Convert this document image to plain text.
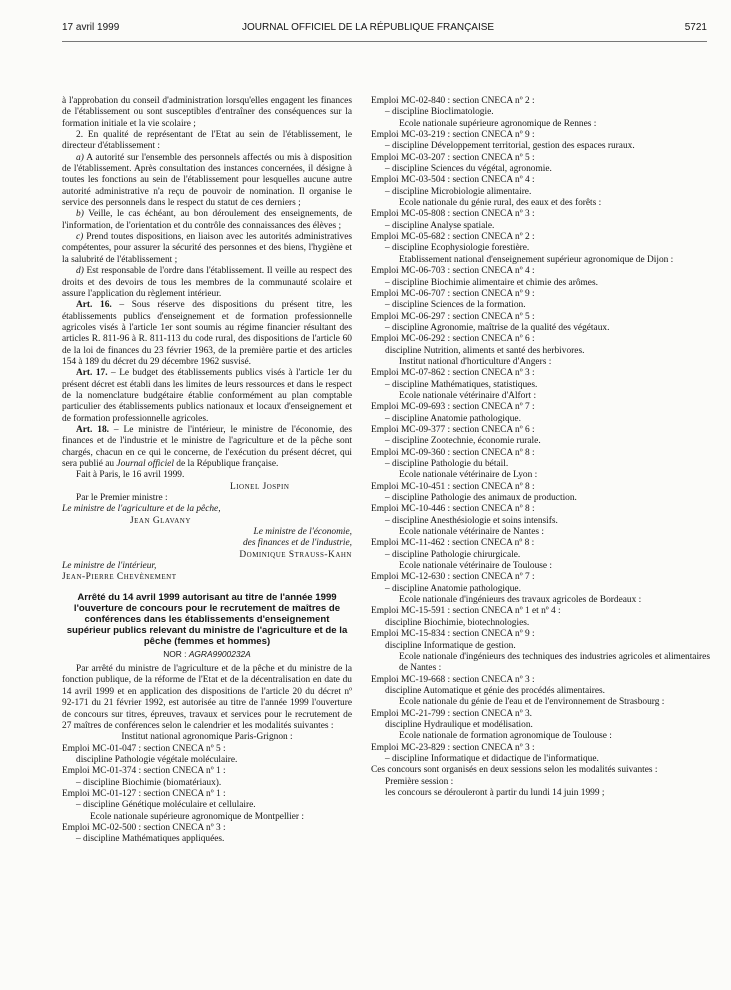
17 avril 1999	JOURNAL OFFICIEL DE LA RÉPUBLIQUE FRANÇAISE	5721

à l'approbation du conseil d'administration lorsqu'elles engagent les finances de l'établissement ou sont susceptibles d'entraîner des conséquences sur la formation initiale et la vie scolaire ;

2. En qualité de représentant de l'Etat au sein de l'établissement, le directeur d'établissement :

a) A autorité sur l'ensemble des personnels affectés ou mis à disposition de l'établissement. Après consultation des instances concernées, il désigne à toutes les fonctions au sein de l'établissement pour lesquelles aucune autre autorité administrative n'a reçu de pouvoir de nomination. Il organise le service des personnels dans le respect du statut de ces derniers ;

b) Veille, le cas échéant, au bon déroulement des enseignements, de l'information, de l'orientation et du contrôle des connaissances des élèves ;

c) Prend toutes dispositions, en liaison avec les autorités administratives compétentes, pour assurer la sécurité des personnes et des biens, l'hygiène et la salubrité de l'établissement ;

d) Est responsable de l'ordre dans l'établissement. Il veille au respect des droits et des devoirs de tous les membres de la communauté scolaire et assure l'application du règlement intérieur.

Art. 16. – Sous réserve des dispositions du présent titre, les établissements publics d'enseignement et de formation professionnelle agricoles visés à l'article 1er sont soumis au régime financier résultant des articles R. 811-96 à R. 811-113 du code rural, des dispositions de l'article 60 de la loi de finances du 23 février 1963, de la première partie et des articles 154 à 189 du décret du 29 décembre 1962 susvisé.

Art. 17. – Le budget des établissements publics visés à l'article 1er du présent décret est établi dans les limites de leurs ressources et dans le respect de la nomenclature budgétaire établie conformément au plan comptable particulier des établissements publics nationaux et locaux d'enseignement et de formation professionnelle agricoles.

Art. 18. – Le ministre de l'intérieur, le ministre de l'économie, des finances et de l'industrie et le ministre de l'agriculture et de la pêche sont chargés, chacun en ce qui le concerne, de l'exécution du présent décret, qui sera publié au Journal officiel de la République française.

Fait à Paris, le 16 avril 1999.

Lionel Jospin

Par le Premier ministre :

Le ministre de l'agriculture et de la pêche,

Jean Glavany

Le ministre de l'économie,

des finances et de l'industrie,

Dominique Strauss-Kahn

Le ministre de l'intérieur,

Jean-Pierre Chevènement

Arrêté du 14 avril 1999 autorisant au titre de l'année 1999 l'ouverture de concours pour le recrutement de maîtres de conférences dans les établissements d'enseignement supérieur publics relevant du ministre de l'agriculture et de la pêche (femmes et hommes)

NOR : AGRA9900232A

Par arrêté du ministre de l'agriculture et de la pêche et du ministre de la fonction publique, de la réforme de l'Etat et de la décentralisation en date du 14 avril 1999 et en application des dispositions de l'article 20 du décret nº 92-171 du 21 février 1992, est autorisée au titre de l'année 1999 l'ouverture de concours sur titres, épreuves, travaux et services pour le recrutement de 27 maîtres de conférences selon le calendrier et les modalités suivantes :

Institut national agronomique Paris-Grignon :

Emploi MC-01-047 : section CNECA nº 5 :

discipline Pathologie végétale moléculaire.

Emploi MC-01-374 : section CNECA nº 1 :

– discipline Biochimie (biomatériaux).

Emploi MC-01-127 : section CNECA nº 1 :

– discipline Génétique moléculaire et cellulaire.

Ecole nationale supérieure agronomique de Montpellier :

Emploi MC-02-500 : section CNECA nº 3 :

– discipline Mathématiques appliquées.

Emploi MC-02-840 : section CNECA nº 2 :

– discipline Bioclimatologie.

Ecole nationale supérieure agronomique de Rennes :

Emploi MC-03-219 : section CNECA nº 9 :

– discipline Développement territorial, gestion des espaces ruraux.

Emploi MC-03-207 : section CNECA nº 5 :

– discipline Sciences du végétal, agronomie.

Emploi MC-03-504 : section CNECA nº 4 :

– discipline Microbiologie alimentaire.

Ecole nationale du génie rural, des eaux et des forêts :

Emploi MC-05-808 : section CNECA nº 3 :

– discipline Analyse spatiale.

Emploi MC-05-682 : section CNECA nº 2 :

– discipline Ecophysiologie forestière.

Etablissement national d'enseignement supérieur agronomique de Dijon :

Emploi MC-06-703 : section CNECA nº 4 :

– discipline Biochimie alimentaire et chimie des arômes.

Emploi MC-06-707 : section CNECA nº 9 :

– discipline Sciences de la formation.

Emploi MC-06-297 : section CNECA nº 5 :

– discipline Agronomie, maîtrise de la qualité des végétaux.

Emploi MC-06-292 : section CNECA nº 6 :

discipline Nutrition, aliments et santé des herbivores.

Institut national d'horticulture d'Angers :

Emploi MC-07-862 : section CNECA nº 3 :

– discipline Mathématiques, statistiques.

Ecole nationale vétérinaire d'Alfort :

Emploi MC-09-693 : section CNECA nº 7 :

– discipline Anatomie pathologique.

Emploi MC-09-377 : section CNECA nº 6 :

– discipline Zootechnie, économie rurale.

Emploi MC-09-360 : section CNECA nº 8 :

– discipline Pathologie du bétail.

Ecole nationale vétérinaire de Lyon :

Emploi MC-10-451 : section CNECA nº 8 :

– discipline Pathologie des animaux de production.

Emploi MC-10-446 : section CNECA nº 8 :

– discipline Anesthésiologie et soins intensifs.

Ecole nationale vétérinaire de Nantes :

Emploi MC-11-462 : section CNECA nº 8 :

– discipline Pathologie chirurgicale.

Ecole nationale vétérinaire de Toulouse :

Emploi MC-12-630 : section CNECA nº 7 :

– discipline Anatomie pathologique.

Ecole nationale d'ingénieurs des travaux agricoles de Bordeaux :

Emploi MC-15-591 : section CNECA nº 1 et nº 4 :

discipline Biochimie, biotechnologies.

Emploi MC-15-834 : section CNECA nº 9 :

discipline Informatique de gestion.

Ecole nationale d'ingénieurs des techniques des industries agricoles et alimentaires de Nantes :

Emploi MC-19-668 : section CNECA nº 3 :

discipline Automatique et génie des procédés alimentaires.

Ecole nationale du génie de l'eau et de l'environnement de Strasbourg :

Emploi MC-21-799 : section CNECA nº 3.

discipline Hydraulique et modélisation.

Ecole nationale de formation agronomique de Toulouse :

Emploi MC-23-829 : section CNECA nº 3 :

– discipline Informatique et didactique de l'informatique.

Ces concours sont organisés en deux sessions selon les modalités suivantes :

Première session :

les concours se dérouleront à partir du lundi 14 juin 1999 ;
